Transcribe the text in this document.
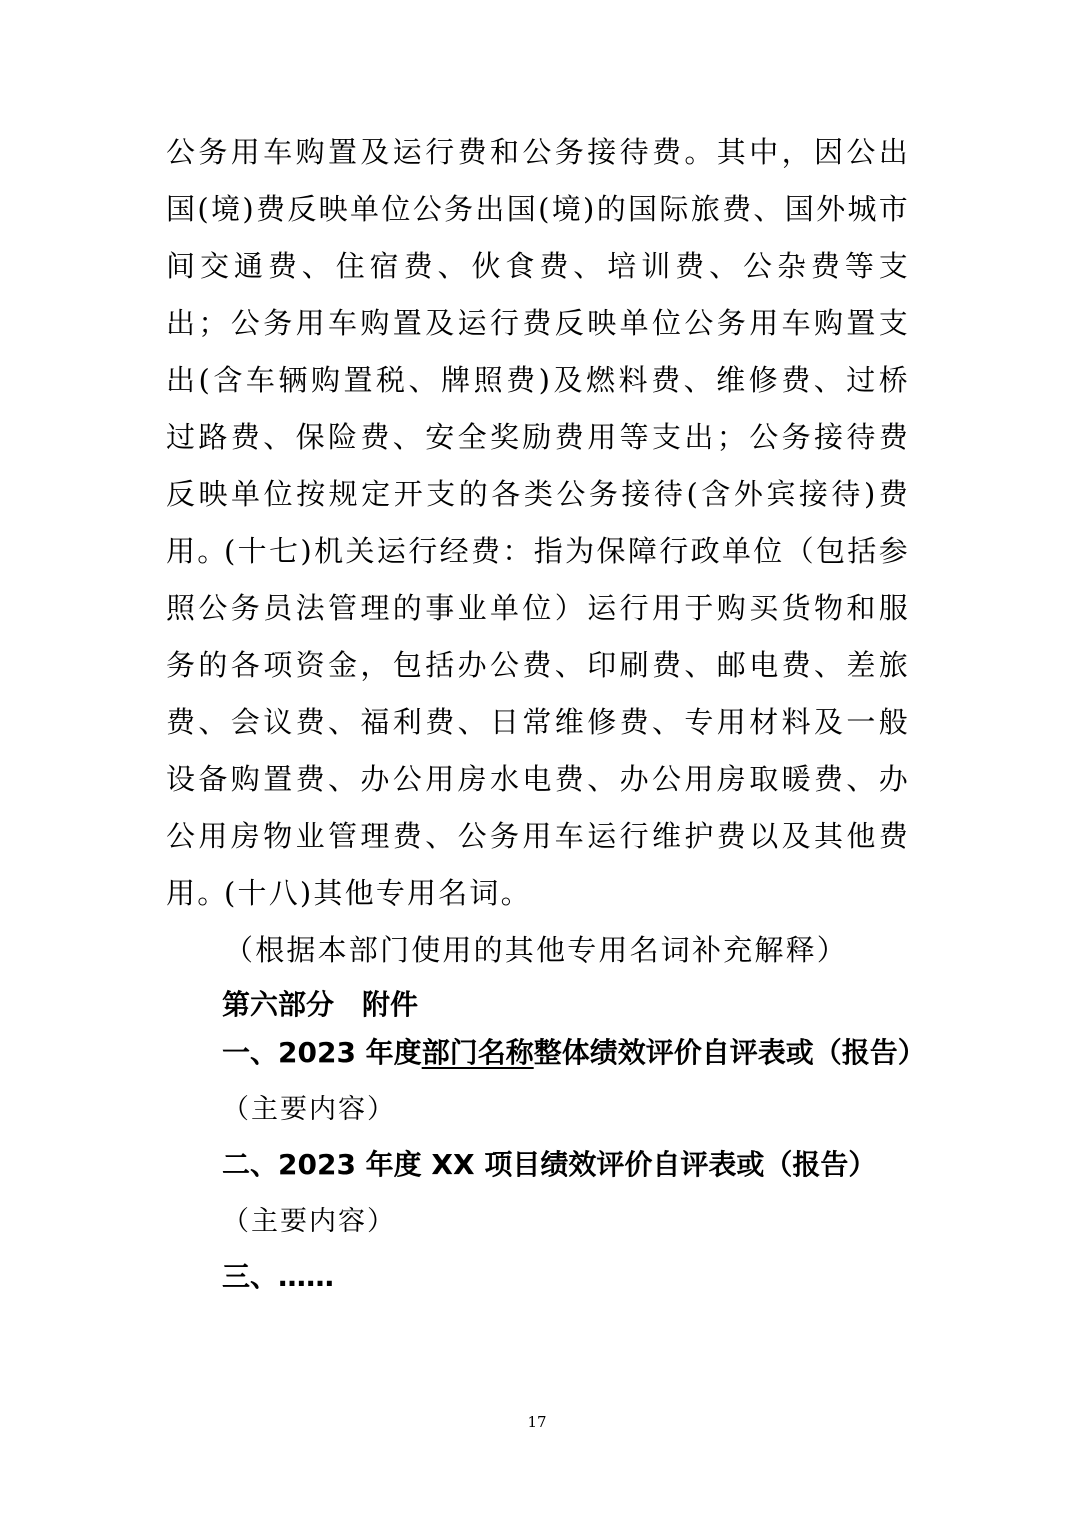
公务用车购置及运行费和公务接待费。其中，因公出国(境)费反映单位公务出国(境)的国际旅费、国外城市间交通费、住宿费、伙食费、培训费、公杂费等支出；公务用车购置及运行费反映单位公务用车购置支出(含车辆购置税、牌照费)及燃料费、维修费、过桥过路费、保险费、安全奖励费用等支出；公务接待费反映单位按规定开支的各类公务接待(含外宾接待)费用。

(十七)机关运行经费：指为保障行政单位（包括参照公务员法管理的事业单位）运行用于购买货物和服务的各项资金，包括办公费、印刷费、邮电费、差旅费、会议费、福利费、日常维修费、专用材料及一般设备购置费、办公用房水电费、办公用房取暖费、办公用房物业管理费、公务用车运行维护费以及其他费用。

(十八)其他专用名词。

（根据本部门使用的其他专用名词补充解释）

第六部分　附件

一、2023 年度部门名称整体绩效评价自评表或（报告）

（主要内容）

二、2023 年度 XX 项目绩效评价自评表或（报告）

（主要内容）

三、……

17
